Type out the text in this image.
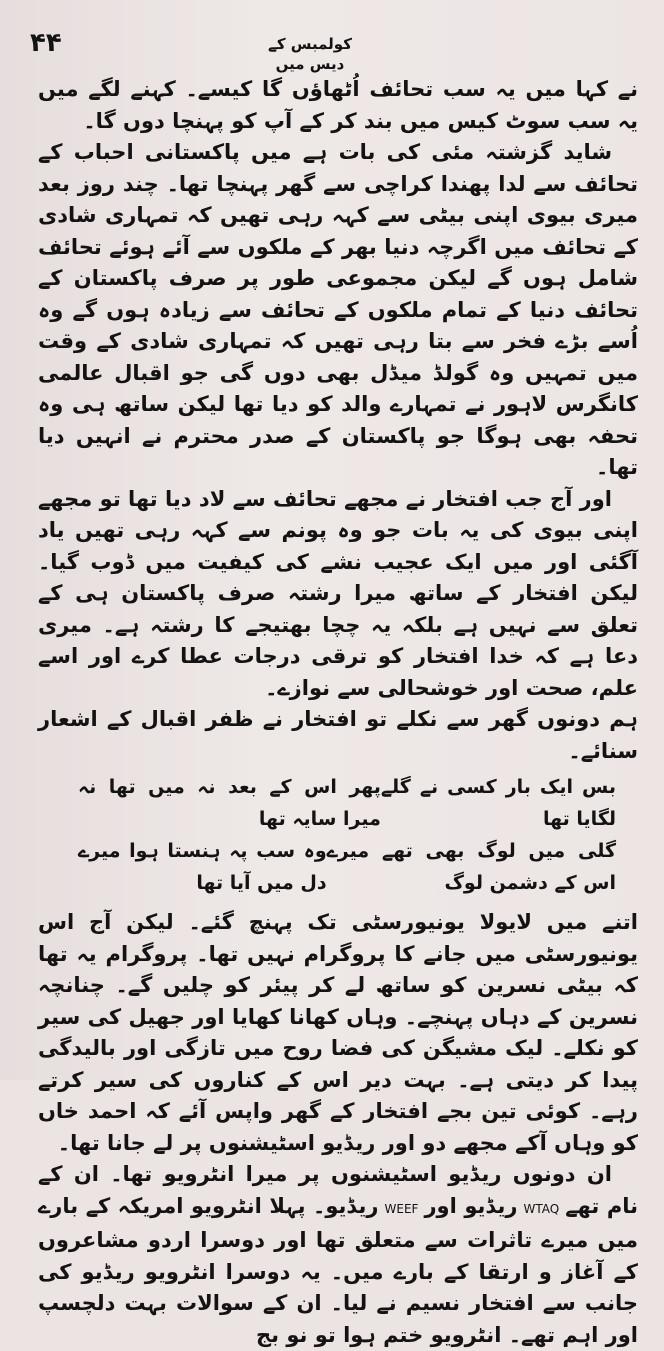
۴۴	کولمبس کے دیس میں

نے کہا میں یہ سب تحائف اُٹھاؤں گا کیسے۔ کہنے لگے میں یہ سب سوٹ کیس میں بند کر کے آپ کو پہنچا دوں گا۔

شاید گزشتہ مئی کی بات ہے میں پاکستانی احباب کے تحائف سے لدا پھندا کراچی سے گھر پہنچا تھا۔ چند روز بعد میری بیوی اپنی بیٹی سے کہہ رہی تھیں کہ تمہاری شادی کے تحائف میں اگرچہ دنیا بھر کے ملکوں سے آئے ہوئے تحائف شامل ہوں گے لیکن مجموعی طور پر صرف پاکستان کے تحائف دنیا کے تمام ملکوں کے تحائف سے زیادہ ہوں گے وہ اُسے بڑے فخر سے بتا رہی تھیں کہ تمہاری شادی کے وقت میں تمہیں وہ گولڈ میڈل بھی دوں گی جو اقبال عالمی کانگرس لاہور نے تمہارے والد کو دیا تھا لیکن ساتھ ہی وہ تحفہ بھی ہوگا جو پاکستان کے صدر محترم نے انہیں دیا تھا۔

اور آج جب افتخار نے مجھے تحائف سے لاد دیا تھا تو مجھے اپنی بیوی کی یہ بات جو وہ پونم سے کہہ رہی تھیں یاد آگئی اور میں ایک عجیب نشے کی کیفیت میں ڈوب گیا۔ لیکن افتخار کے ساتھ میرا رشتہ صرف پاکستان ہی کے تعلق سے نہیں ہے بلکہ یہ چچا بھتیجے کا رشتہ ہے۔ میری دعا ہے کہ خدا افتخار کو ترقی درجات عطا کرے اور اسے علم، صحت اور خوشحالی سے نوازے۔

ہم دونوں گھر سے نکلے تو افتخار نے ظفر اقبال کے اشعار سنائے۔

بس ایک بار کسی نے گلے لگایا تھا
پھر اس کے بعد نہ میں تھا نہ میرا سایہ تھا
گلی میں لوگ بھی تھے میرے اس کے دشمن لوگ
وہ سب پہ ہنستا ہوا میرے دل میں آیا تھا

اتنے میں لایولا یونیورسٹی تک پہنچ گئے۔ لیکن آج اس یونیورسٹی میں جانے کا پروگرام نہیں تھا۔ پروگرام یہ تھا کہ بیٹی نسرین کو ساتھ لے کر پیئر کو چلیں گے۔ چنانچہ نسرین کے دہاں پہنچے۔ وہاں کھانا کھایا اور جھیل کی سیر کو نکلے۔ لیک مشیگن کی فضا روح میں تازگی اور بالیدگی پیدا کر دیتی ہے۔ بہت دیر اس کے کناروں کی سیر کرتے رہے۔ کوئی تین بجے افتخار کے گھر واپس آئے کہ احمد خاں کو وہاں آکے مجھے دو اور ریڈیو اسٹیشنوں پر لے جانا تھا۔

ان دونوں ریڈیو اسٹیشنوں پر میرا انٹرویو تھا۔ ان کے نام تھےWTAQریڈیو اورWEEFریڈیو۔ پہلا انٹرویو امریکہ کے بارے میں میرے تاثرات سے متعلق تھا اور دوسرا اردو مشاعروں کے آغاز و ارتقا کے بارے میں۔ یہ دوسرا انٹرویو ریڈیو کی جانب سے افتخار نسیم نے لیا۔ ان کے سوالات بہت دلچسپ اور اہم تھے۔ انٹرویو ختم ہوا تو نو بج
